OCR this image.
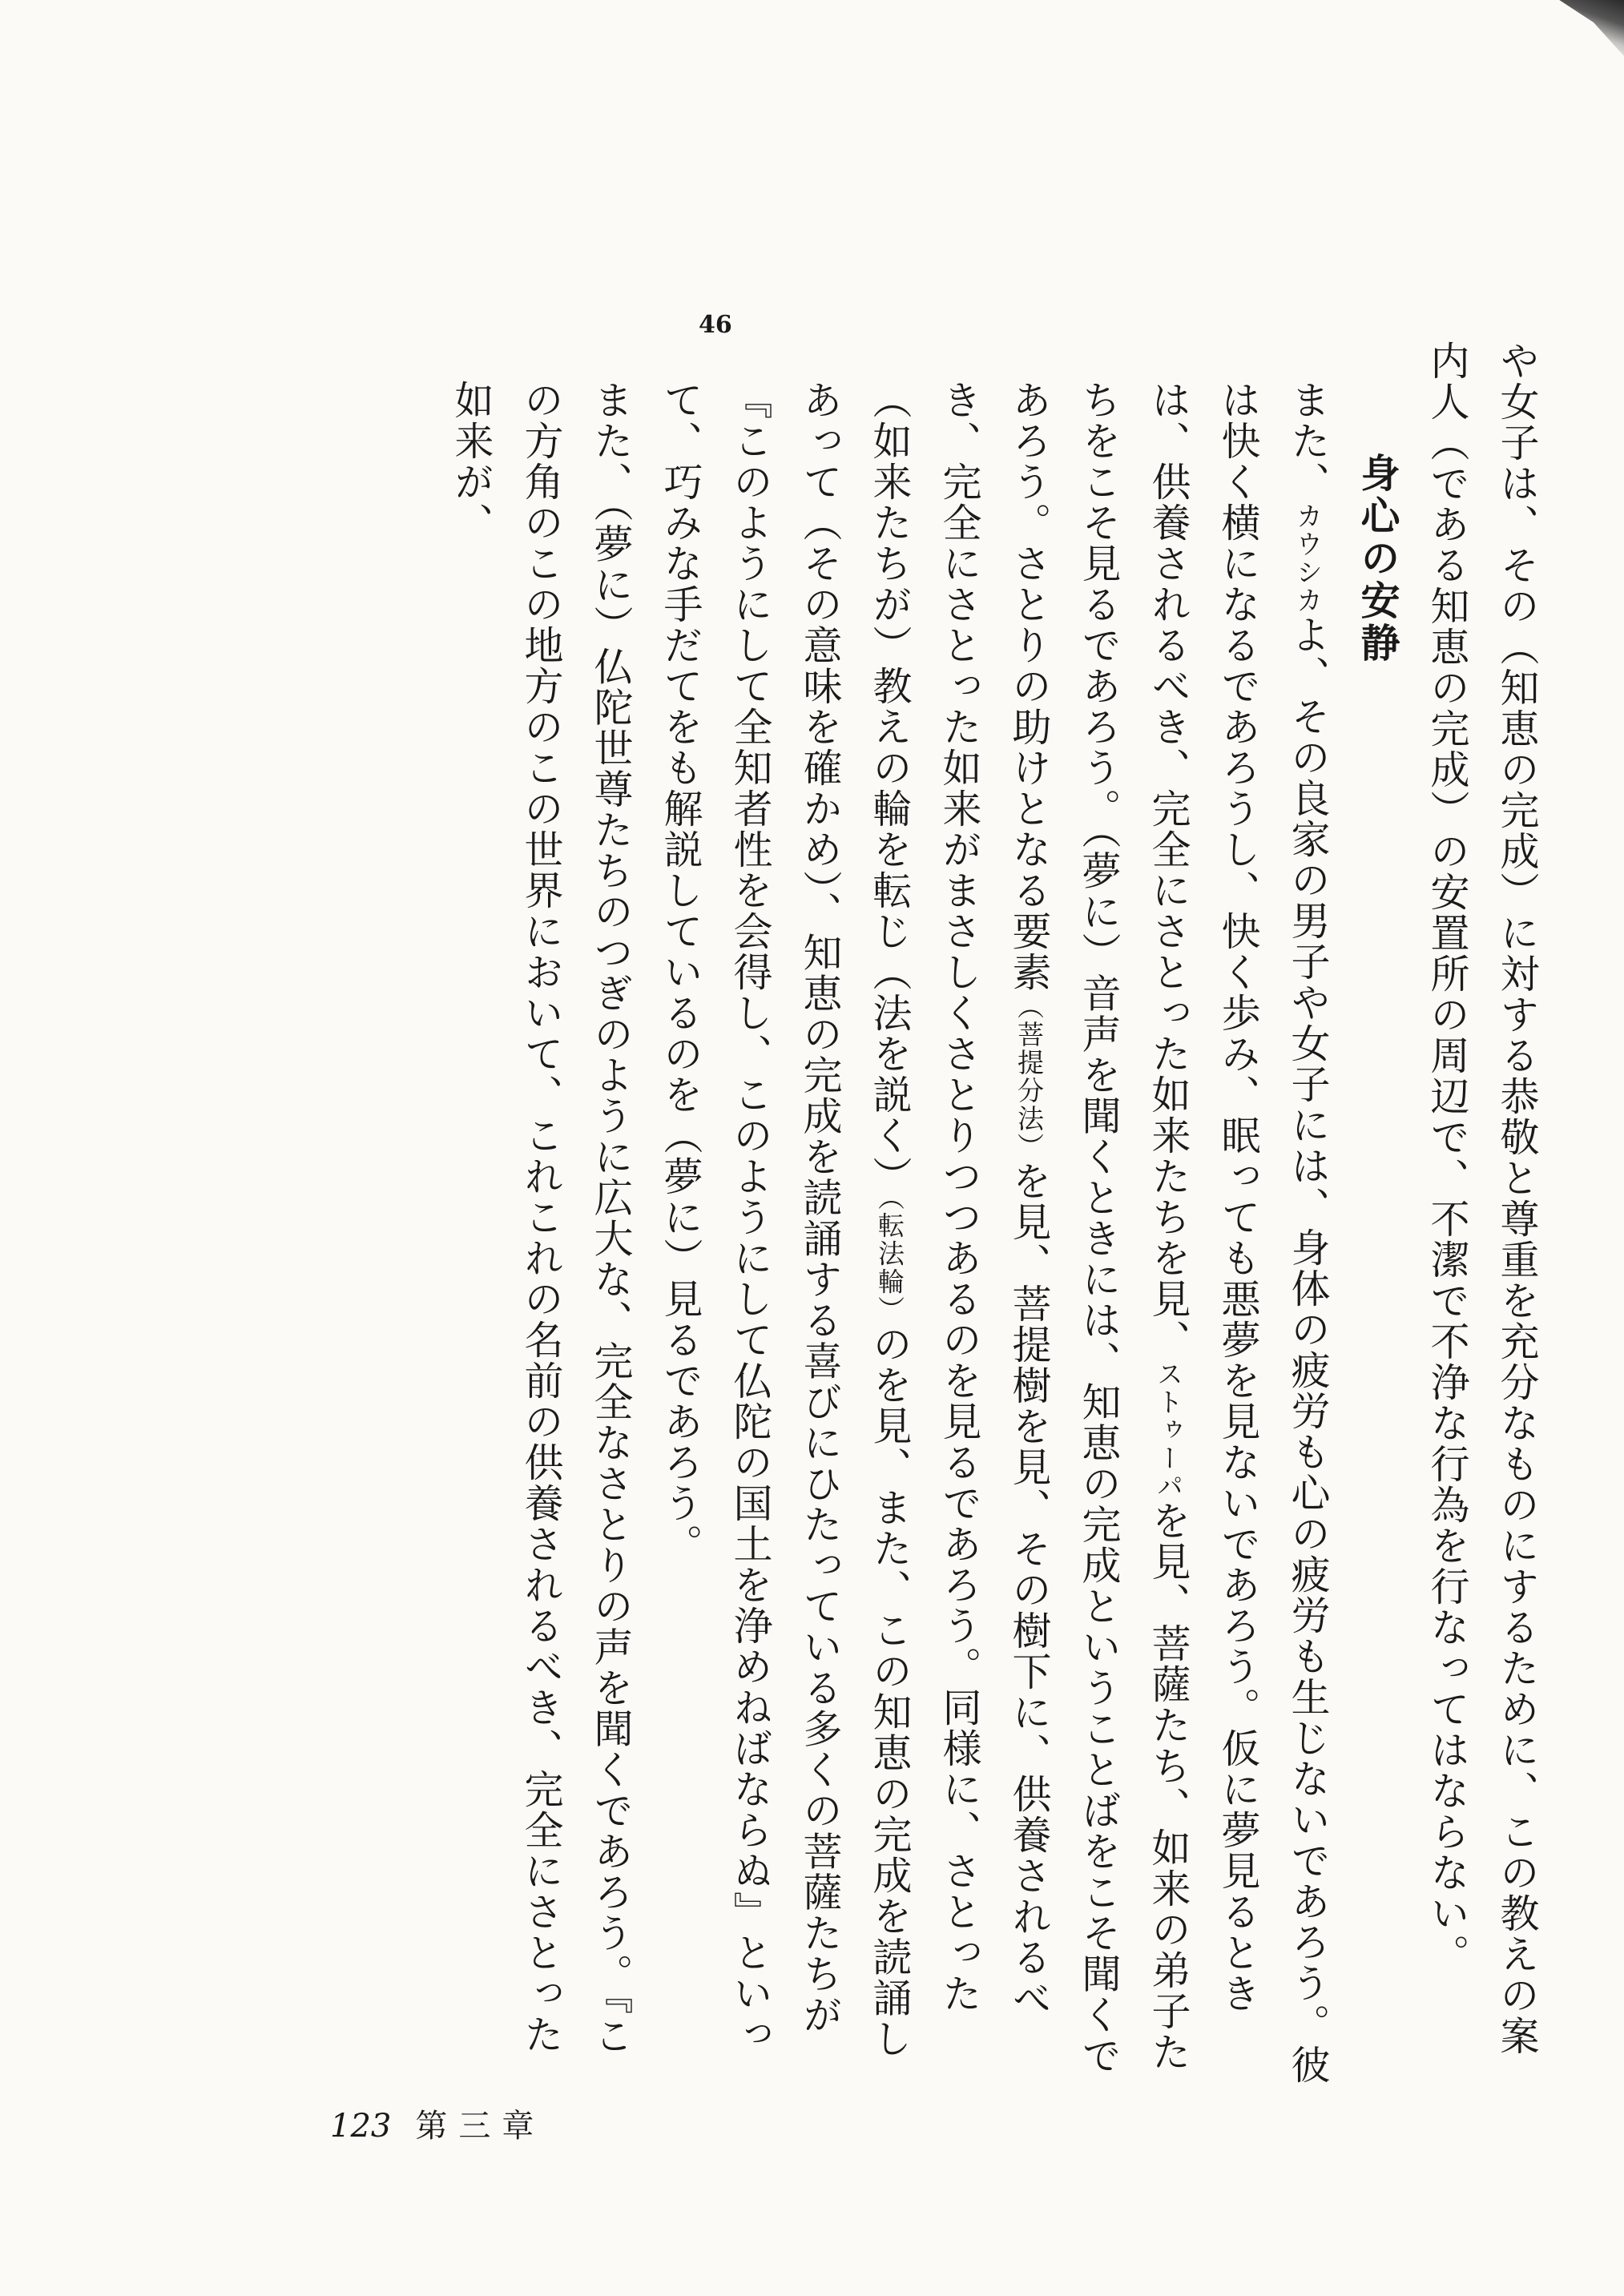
46

や女子は、その（知恵の完成）に対する恭敬と尊重を充分なものにするために、この教えの案内人（である知恵の完成）の安置所の周辺で、不潔で不浄な行為を行なってはならない。

身心の安静

また、カウシカよ、その良家の男子や女子には、身体の疲労も心の疲労も生じないであろう。彼は快く横になるであろうし、快く歩み、眠っても悪夢を見ないであろう。仮に夢見るときは、供養されるべき、完全にさとった如来たちを見、ストゥーパを見、菩薩たち、如来の弟子たちをこそ見るであろう。（夢に）音声を聞くときには、知恵の完成ということばをこそ聞くであろう。さとりの助けとなる要素（菩提分法）を見、菩提樹を見、その樹下に、供養されるべき、完全にさとった如来がまさしくさとりつつあるのを見るであろう。同様に、さとった（如来たちが）教えの輪を転じ（法を説く）（転法輪）のを見、また、この知恵の完成を読誦しあって（その意味を確かめ）、知恵の完成を読誦する喜びにひたっている多くの菩薩たちが『このようにして全知者性を会得し、このようにして仏陀の国土を浄めねばならぬ』といって、巧みな手だてをも解説しているのを（夢に）見るであろう。

また、（夢に）仏陀世尊たちのつぎのように広大な、完全なさとりの声を聞くであろう。『この方角のこの地方のこの世界において、これこれの名前の供養されるべき、完全にさとった如来が、

123 第三章
